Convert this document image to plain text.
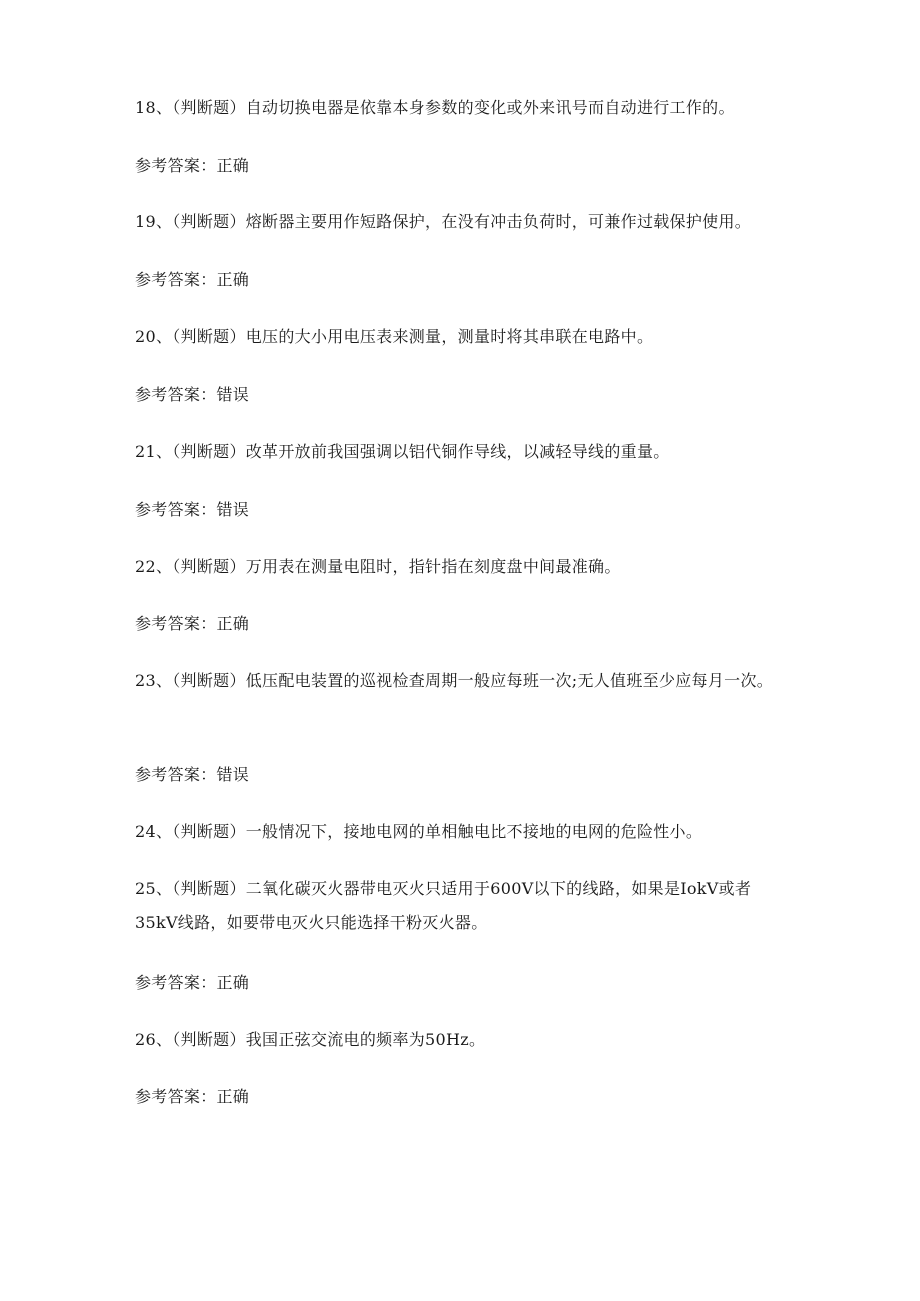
18、（判断题）自动切换电器是依靠本身参数的变化或外来讯号而自动进行工作的。

参考答案：正确

19、（判断题）熔断器主要用作短路保护，在没有冲击负荷时，可兼作过载保护使用。

参考答案：正确

20、（判断题）电压的大小用电压表来测量，测量时将其串联在电路中。

参考答案：错误

21、（判断题）改革开放前我国强调以铝代铜作导线，以减轻导线的重量。

参考答案：错误

22、（判断题）万用表在测量电阻时，指针指在刻度盘中间最准确。

参考答案：正确

23、（判断题）低压配电装置的巡视检查周期一般应每班一次;无人值班至少应每月一次。

参考答案：错误

24、（判断题）一般情况下，接地电网的单相触电比不接地的电网的危险性小。

25、（判断题）二氧化碳灭火器带电灭火只适用于600V以下的线路，如果是IokV或者35kV线路，如要带电灭火只能选择干粉灭火器。

参考答案：正确

26、（判断题）我国正弦交流电的频率为50Hz。

参考答案：正确
